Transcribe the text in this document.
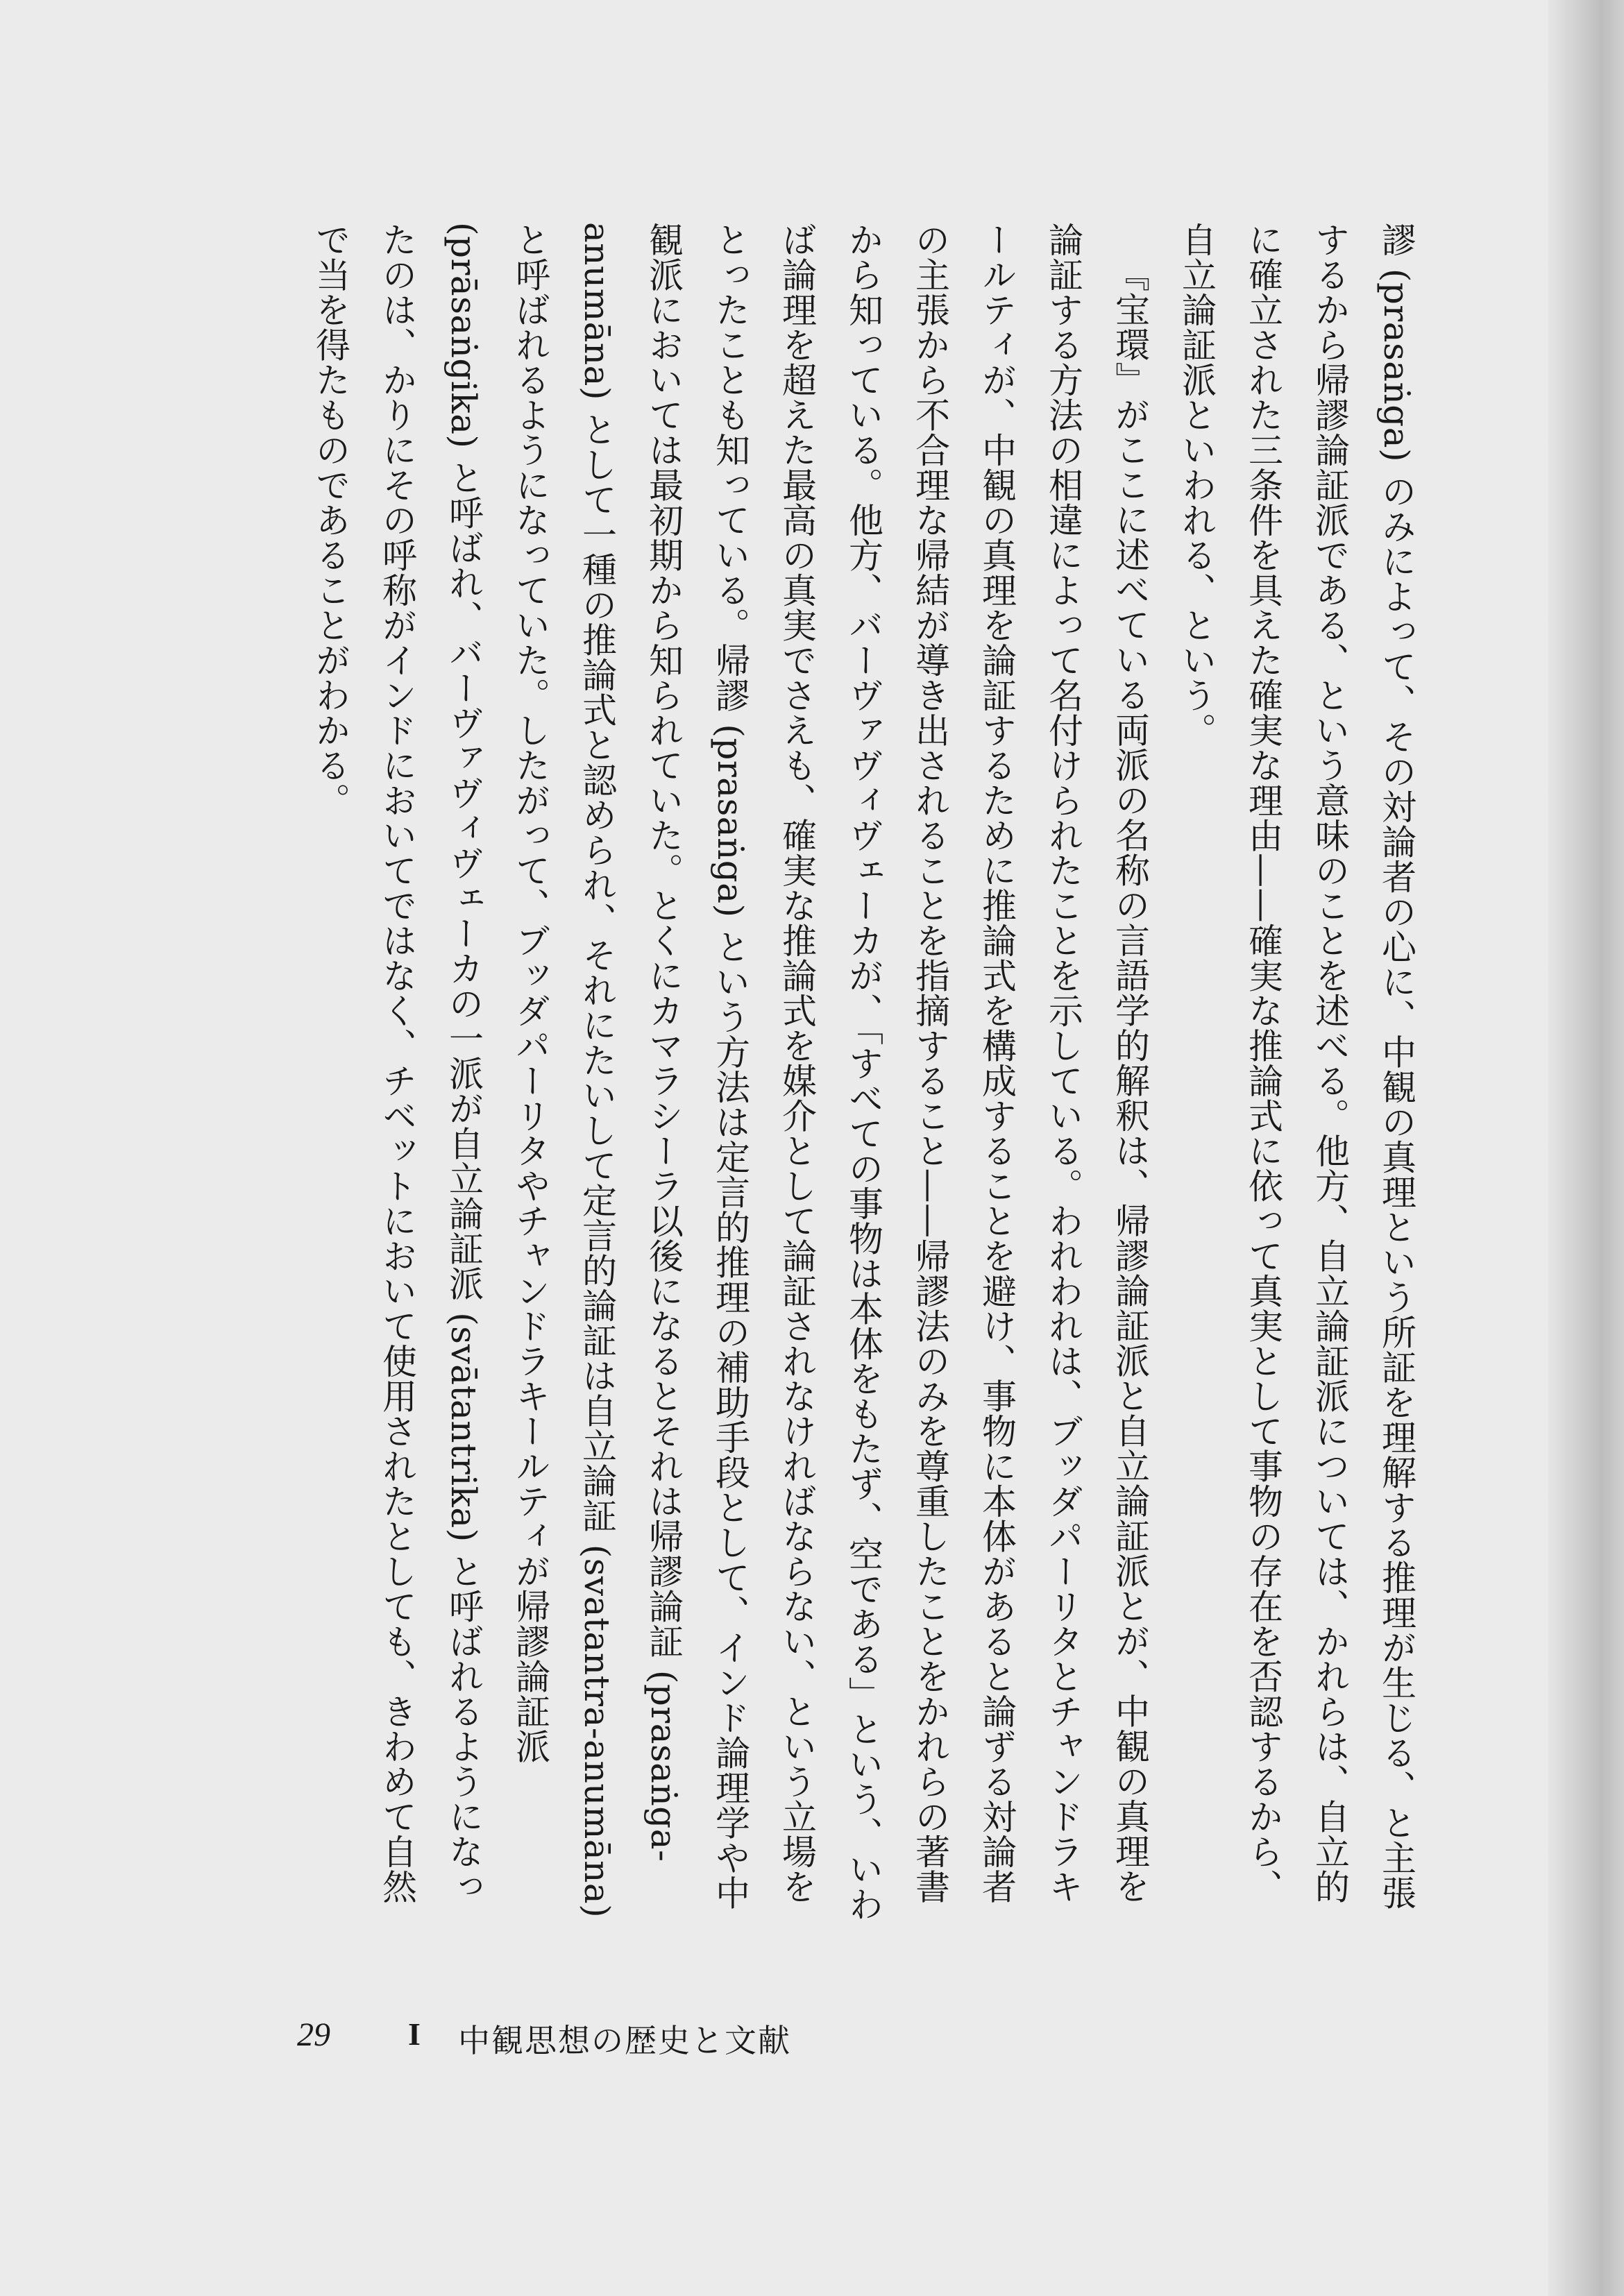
謬 (prasaṅga) のみによって、その対論者の心に、中観の真理という所証を理解する推理が生じる、と主張するから帰謬論証派である、という意味のことを述べる。他方、自立論証派については、かれらは、自立的に確立された三条件を具えた確実な理由——確実な推論式に依って真実として事物の存在を否認するから、自立論証派といわれる、という。

『宝環』がここに述べている両派の名称の言語学的解釈は、帰謬論証派と自立論証派とが、中観の真理を論証する方法の相違によって名付けられたことを示している。われわれは、ブッダパーリタとチャンドラキールティが、中観の真理を論証するために推論式を構成することを避け、事物に本体があると論ずる対論者の主張から不合理な帰結が導き出されることを指摘すること——帰謬法のみを尊重したことをかれらの著書から知っている。他方、バーヴァヴィヴェーカが、「すべての事物は本体をもたず、空である」という、いわば論理を超えた最高の真実でさえも、確実な推論式を媒介として論証されなければならない、という立場をとったことも知っている。帰謬 (prasaṅga) という方法は定言的推理の補助手段として、インド論理学や中観派においては最初期から知られていた。とくにカマラシーラ以後になるとそれは帰謬論証 (prasaṅga-anumāna) として一種の推論式と認められ、それにたいして定言的論証は自立論証 (svatantra-anumāna) と呼ばれるようになっていた。したがって、ブッダパーリタやチャンドラキールティが帰謬論証派 (prāsaṅgika) と呼ばれ、バーヴァヴィヴェーカの一派が自立論証派 (svātantrika) と呼ばれるようになったのは、かりにその呼称がインドにおいてではなく、チベットにおいて使用されたとしても、きわめて自然で当を得たものであることがわかる。

29 I 中観思想の歴史と文献
